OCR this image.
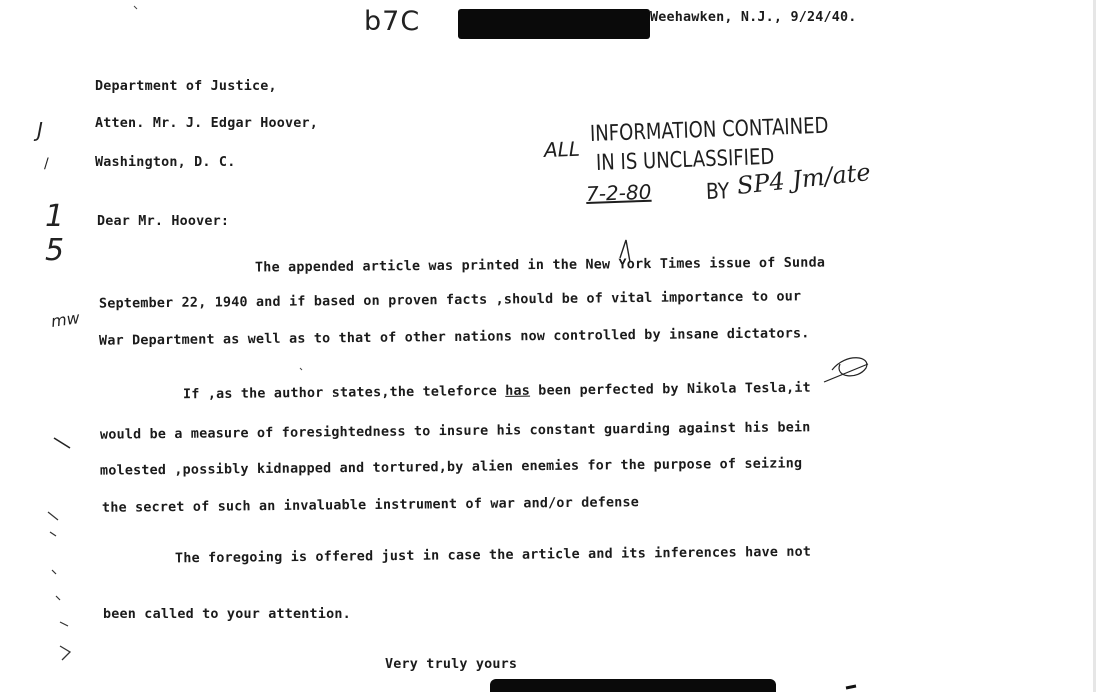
b7C	Weehawken, N.J., 9/24/40.
Department of Justice,
Atten. Mr. J. Edgar Hoover,
Washington, D. C.
ALL
INFORMATION CONTAINED
IN IS UNCLASSIFIED
7-2-80 BY SP4 Jm/ate
Dear Mr. Hoover:
The appended article was printed in the New York Times issue of Sunda
September 22, 1940 and if based on proven facts ,should be of vital importance to our
War Department as well as to that of other nations now controlled by insane dictators.
If ,as the author states,the teleforce has been perfected by Nikola Tesla,it
would be a measure of foresightedness to insure his constant guarding against his bein
molested ,possibly kidnapped and tortured,by alien enemies for the purpose of seizing
the secret of such an invaluable instrument of war and/or defense
The foregoing is offered just in case the article and its inferences have not
been called to your attention.
Very truly yours
J
/
15
mw
